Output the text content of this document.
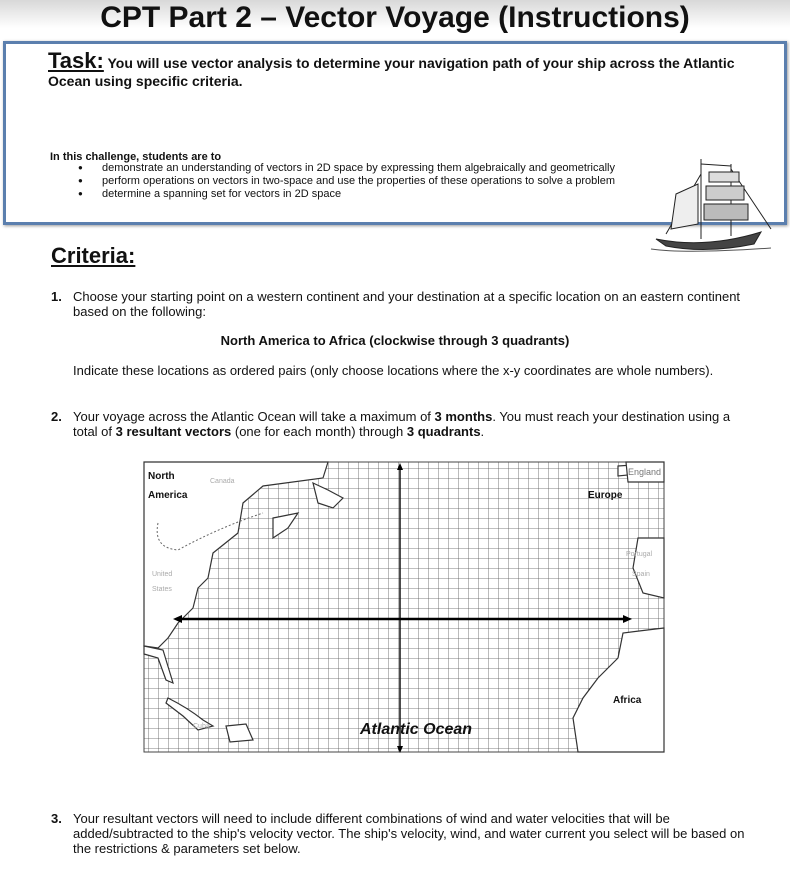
CPT Part 2 – Vector Voyage (Instructions)
Task: You will use vector analysis to determine your navigation path of your ship across the Atlantic Ocean using specific criteria.
In this challenge, students are to
● demonstrate an understanding of vectors in 2D space by expressing them algebraically and geometrically
● perform operations on vectors in two-space and use the properties of these operations to solve a problem
● determine a spanning set for vectors in 2D space
Criteria:
1. Choose your starting point on a western continent and your destination at a specific location on an eastern continent based on the following:
North America to Africa (clockwise through 3 quadrants)
Indicate these locations as ordered pairs (only choose locations where the x-y coordinates are whole numbers).
2. Your voyage across the Atlantic Ocean will take a maximum of 3 months. You must reach your destination using a total of 3 resultant vectors (one for each month) through 3 quadrants.
North
America	Europe
Africa
Canada
United
States
Portugal
Spain
Cuba
England
Atlantic Ocean
3. Your resultant vectors will need to include different combinations of wind and water velocities that will be added/subtracted to the ship's velocity vector. The ship's velocity, wind, and water current you select will be based on the restrictions & parameters set below.
